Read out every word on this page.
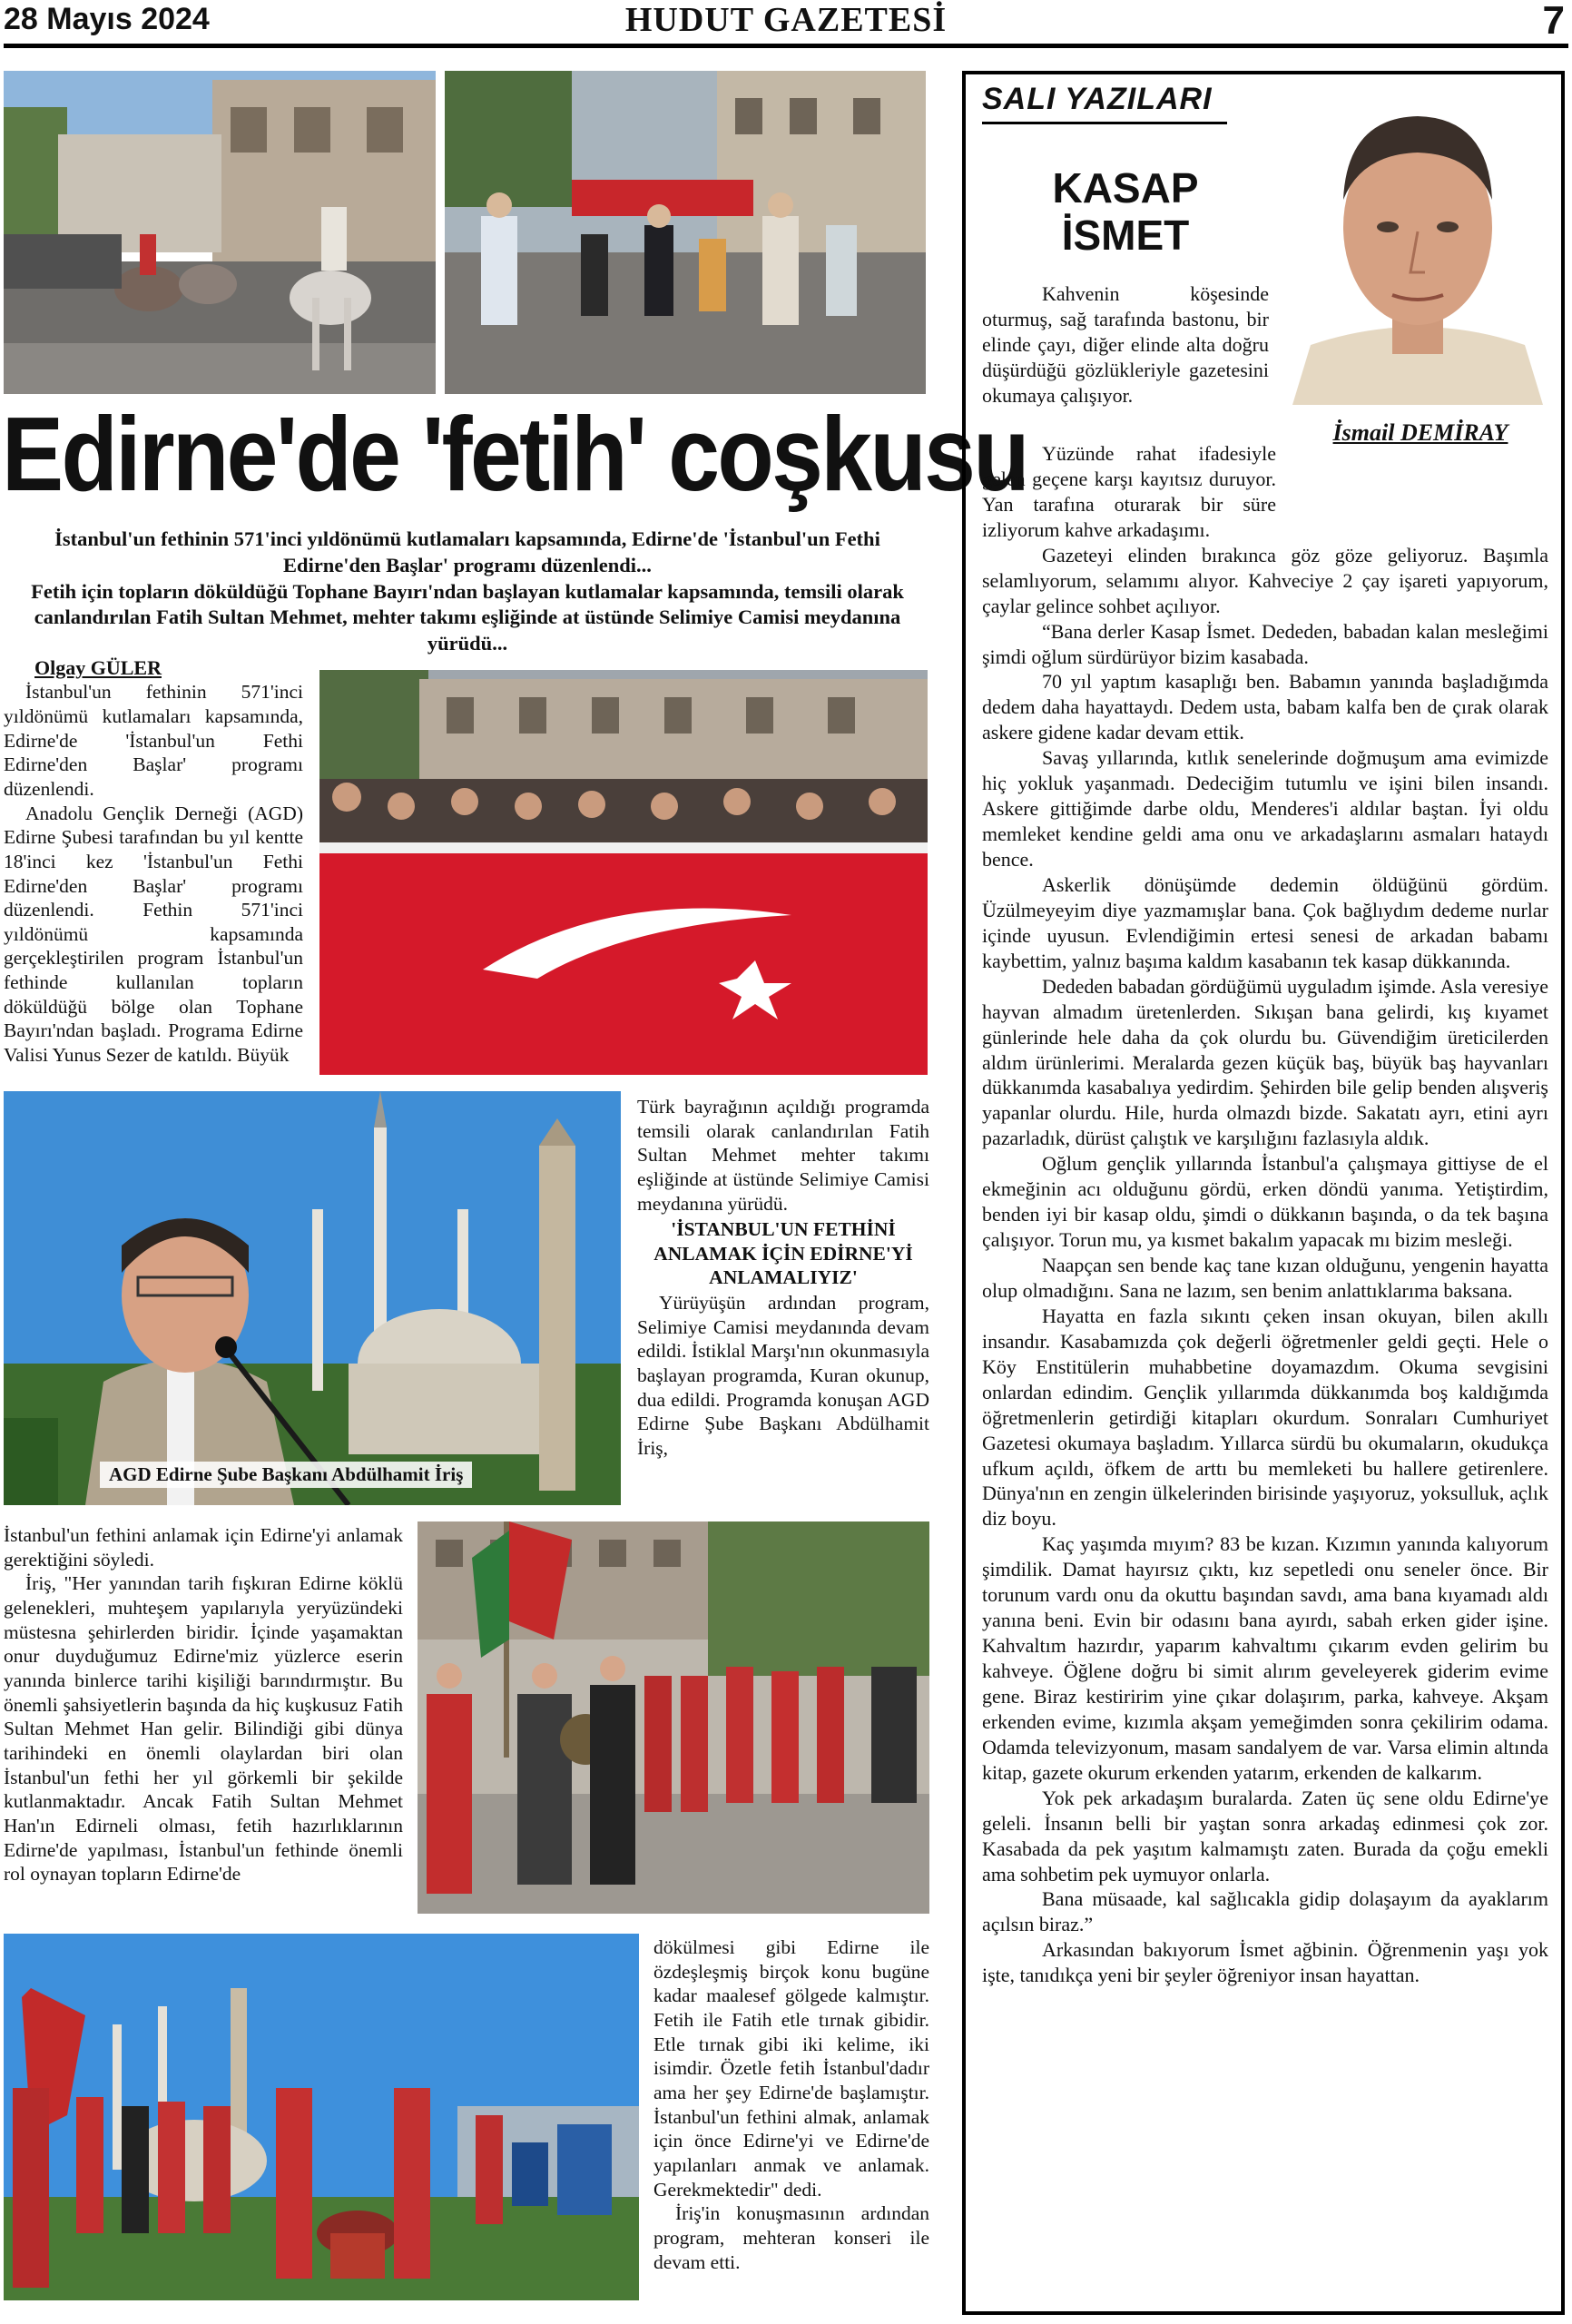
28 Mayıs 2024	HUDUT GAZETESİ	7
Edirne'de 'fetih' coşkusu

İstanbul'un fethinin 571'inci yıldönümü kutlamaları kapsamında, Edirne'de 'İstanbul'un Fethi Edirne'den Başlar' programı düzenlendi...

Fetih için topların döküldüğü Tophane Bayırı'ndan başlayan kutlamalar kapsamında, temsili olarak canlandırılan Fatih Sultan Mehmet, mehter takımı eşliğinde at üstünde Selimiye Camisi meydanına yürüdü...

Olgay GÜLER

İstanbul'un fethinin 571'inci yıldönümü kutlamaları kapsamında, Edirne'de 'İstanbul'un Fethi Edirne'den Başlar' programı düzenlendi.

Anadolu Gençlik Derneği (AGD) Edirne Şubesi tarafından bu yıl kentte 18'inci kez 'İstanbul'un Fethi Edirne'den Başlar' programı düzenlendi. Fethin 571'inci yıldönümü kapsamında gerçekleştirilen program İstanbul'un fethinde kullanılan topların döküldüğü bölge olan Tophane Bayırı'ndan başladı. Programa Edirne Valisi Yunus Sezer de katıldı. Büyük

AGD Edirne Şube Başkanı Abdülhamit İriş

Türk bayrağının açıldığı programda temsili olarak canlandırılan Fatih Sultan Mehmet mehter takımı eşliğinde at üstünde Selimiye Camisi meydanına yürüdü.

'İSTANBUL'UN FETHİNİ ANLAMAK İÇİN EDİRNE'Yİ ANLAMALIYIZ'

Yürüyüşün ardından program, Selimiye Camisi meydanında devam edildi. İstiklal Marşı'nın okunmasıyla başlayan programda, Kuran okunup, dua edildi. Programda konuşan AGD Edirne Şube Başkanı Abdülhamit İriş,

İstanbul'un fethini anlamak için Edirne'yi anlamak gerektiğini söyledi.

İriş, "Her yanından tarih fışkıran Edirne köklü gelenekleri, muhteşem yapılarıyla yeryüzündeki müstesna şehirlerden biridir. İçinde yaşamaktan onur duyduğumuz Edirne'miz yüzlerce eserin yanında binlerce tarihi kişiliği barındırmıştır. Bu önemli şahsiyetlerin başında da hiç kuşkusuz Fatih Sultan Mehmet Han gelir. Bilindiği gibi dünya tarihindeki en önemli olaylardan biri olan İstanbul'un fethi her yıl görkemli bir şekilde kutlanmaktadır. Ancak Fatih Sultan Mehmet Han'ın Edirneli olması, fetih hazırlıklarının Edirne'de yapılması, İstanbul'un fethinde önemli rol oynayan topların Edirne'de

dökülmesi gibi Edirne ile özdeşleşmiş birçok konu bugüne kadar maalesef gölgede kalmıştır. Fetih ile Fatih etle tırnak gibidir. Etle tırnak gibi iki kelime, iki isimdir. Özetle fetih İstanbul'dadır ama her şey Edirne'de başlamıştır. İstanbul'un fethini almak, anlamak için önce Edirne'yi ve Edirne'de yapılanları anmak ve anlamak. Gerekmektedir" dedi.

İriş'in konuşmasının ardından program, mehteran konseri ile devam etti.

SALI YAZILARI
KASAP
İSMET
İsmail DEMİRAY

Kahvenin köşesinde oturmuş, sağ tarafında bastonu, bir elinde çayı, diğer elinde alta doğru düşürdüğü gözlükleriyle gazetesini okumaya çalışıyor.

Yüzünde rahat ifadesiyle gelen geçene karşı kayıtsız duruyor. Yan tarafına oturarak bir süre izliyorum kahve arkadaşımı.

Gazeteyi elinden bırakınca göz göze geliyoruz. Başımla selamlıyorum, selamımı alıyor. Kahveciye 2 çay işareti yapıyorum, çaylar gelince sohbet açılıyor.

“Bana derler Kasap İsmet. Dededen, babadan kalan mesleğimi şimdi oğlum sürdürüyor bizim kasabada.

70 yıl yaptım kasaplığı ben. Babamın yanında başladığımda dedem daha hayattaydı. Dedem usta, babam kalfa ben de çırak olarak askere gidene kadar devam ettik.

Savaş yıllarında, kıtlık senelerinde doğmuşum ama evimizde hiç yokluk yaşanmadı. Dedeciğim tutumlu ve işini bilen insandı. Askere gittiğimde darbe oldu, Menderes'i aldılar baştan. İyi oldu memleket kendine geldi ama onu ve arkadaşlarını asmaları hataydı bence.

Askerlik dönüşümde dedemin öldüğünü gördüm. Üzülmeyeyim diye yazmamışlar bana. Çok bağlıydım dedeme nurlar içinde uyusun. Evlendiğimin ertesi senesi de arkadan babamı kaybettim, yalnız başıma kaldım kasabanın tek kasap dükkanında.

Dededen babadan gördüğümü uyguladım işimde. Asla veresiye hayvan almadım üretenlerden. Sıkışan bana gelirdi, kış kıyamet günlerinde hele daha da çok olurdu bu. Güvendiğim üreticilerden aldım ürünlerimi. Meralarda gezen küçük baş, büyük baş hayvanları dükkanımda kasabalıya yedirdim. Şehirden bile gelip benden alışveriş yapanlar olurdu. Hile, hurda olmazdı bizde. Sakatatı ayrı, etini ayrı pazarladık, dürüst çalıştık ve karşılığını fazlasıyla aldık.

Oğlum gençlik yıllarında İstanbul'a çalışmaya gittiyse de el ekmeğinin acı olduğunu gördü, erken döndü yanıma. Yetiştirdim, benden iyi bir kasap oldu, şimdi o dükkanın başında, o da tek başına çalışıyor. Torun mu, ya kısmet bakalım yapacak mı bizim mesleği.

Naapçan sen bende kaç tane kızan olduğunu, yengenin hayatta olup olmadığını. Sana ne lazım, sen benim anlattıklarıma baksana.

Hayatta en fazla sıkıntı çeken insan okuyan, bilen akıllı insandır. Kasabamızda çok değerli öğretmenler geldi geçti. Hele o Köy Enstitülerin muhabbetine doyamazdım. Okuma sevgisini onlardan edindim. Gençlik yıllarımda dükkanımda boş kaldığımda öğretmenlerin getirdiği kitapları okurdum. Sonraları Cumhuriyet Gazetesi okumaya başladım. Yıllarca sürdü bu okumaların, okudukça ufkum açıldı, öfkem de arttı bu memleketi bu hallere getirenlere. Dünya'nın en zengin ülkelerinden birisinde yaşıyoruz, yoksulluk, açlık diz boyu.

Kaç yaşımda mıyım? 83 be kızan. Kızımın yanında kalıyorum şimdilik. Damat hayırsız çıktı, kız sepetledi onu seneler önce. Bir torunum vardı onu da okuttu başından savdı, ama bana kıyamadı aldı yanına beni. Evin bir odasını bana ayırdı, sabah erken gider işine. Kahvaltım hazırdır, yaparım kahvaltımı çıkarım evden gelirim bu kahveye. Öğlene doğru bi simit alırım geveleyerek giderim evime gene. Biraz kestiririm yine çıkar dolaşırım, parka, kahveye. Akşam erkenden evime, kızımla akşam yemeğimden sonra çekilirim odama. Odamda televizyonum, masam sandalyem de var. Varsa elimin altında kitap, gazete okurum erkenden yatarım, erkenden de kalkarım.

Yok pek arkadaşım buralarda. Zaten üç sene oldu Edirne'ye geleli. İnsanın belli bir yaştan sonra arkadaş edinmesi çok zor. Kasabada da pek yaşıtım kalmamıştı zaten. Burada da çoğu emekli ama sohbetim pek uymuyor onlarla.

Bana müsaade, kal sağlıcakla gidip dolaşayım da ayaklarım açılsın biraz.”

Arkasından bakıyorum İsmet ağbinin. Öğrenmenin yaşı yok işte, tanıdıkça yeni bir şeyler öğreniyor insan hayattan.
